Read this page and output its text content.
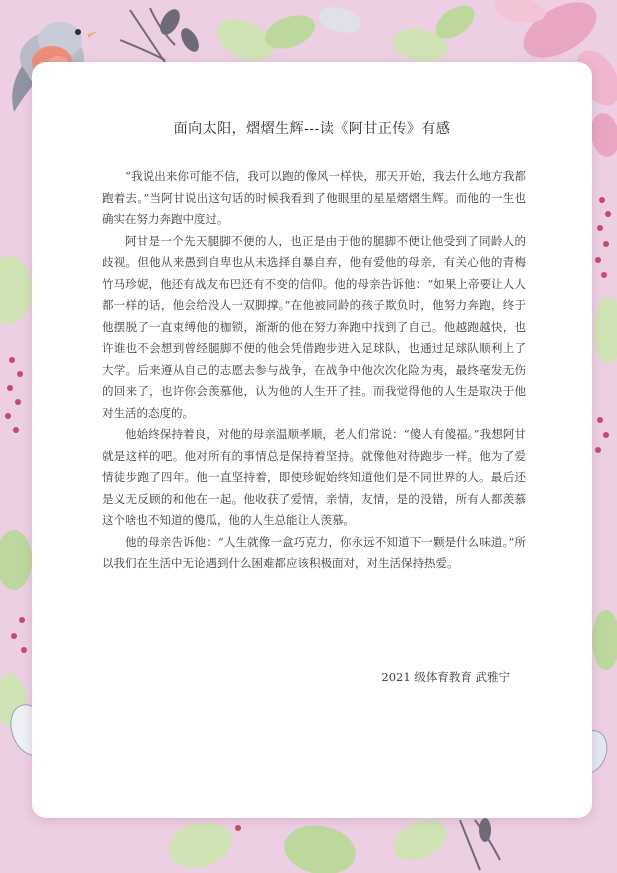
面向太阳，熠熠生辉---读《阿甘正传》有感

“我说出来你可能不信，我可以跑的像风一样快，那天开始，我去什么地方我都跑着去。”当阿甘说出这句话的时候我看到了他眼里的星星熠熠生辉。而他的一生也确实在努力奔跑中度过。

阿甘是一个先天腿脚不便的人，也正是由于他的腿脚不便让他受到了同龄人的歧视。但他从来愚到自卑也从未选择自暴自弃，他有爱他的母亲，有关心他的青梅竹马珍妮，他还有战友布巴还有不变的信仰。他的母亲告诉他：“如果上帝要让人人都一样的话，他会给没人一双脚撑。”在他被同龄的孩子欺负时，他努力奔跑，终于他摆脱了一直束缚他的枷锁，渐渐的他在努力奔跑中找到了自己。他越跑越快，也许谁也不会想到曾经腿脚不便的他会凭借跑步进入足球队，也通过足球队顺利上了大学。后来遵从自己的志愿去参与战争，在战争中他次次化险为夷，最终毫发无伤的回来了，也许你会羡慕他，认为他的人生开了挂。而我觉得他的人生是取决于他对生活的态度的。

他始终保持着良，对他的母亲温顺孝顺，老人们常说：“傻人有傻福。”我想阿甘就是这样的吧。他对所有的事情总是保持着坚持。就像他对待跑步一样。他为了爱情徒步跑了四年。他一直坚持着，即使珍妮始终知道他们是不同世界的人。最后还是义无反顾的和他在一起。他收获了爱情，亲情，友情，是的没错，所有人都羡慕这个啥也不知道的傻瓜，他的人生总能让人羡慕。

他的母亲告诉他：“人生就像一盒巧克力，你永远不知道下一颗是什么味道。”所以我们在生活中无论遇到什么困难都应该积极面对，对生活保持热爱。

2021 级体育教育 武雅宁
